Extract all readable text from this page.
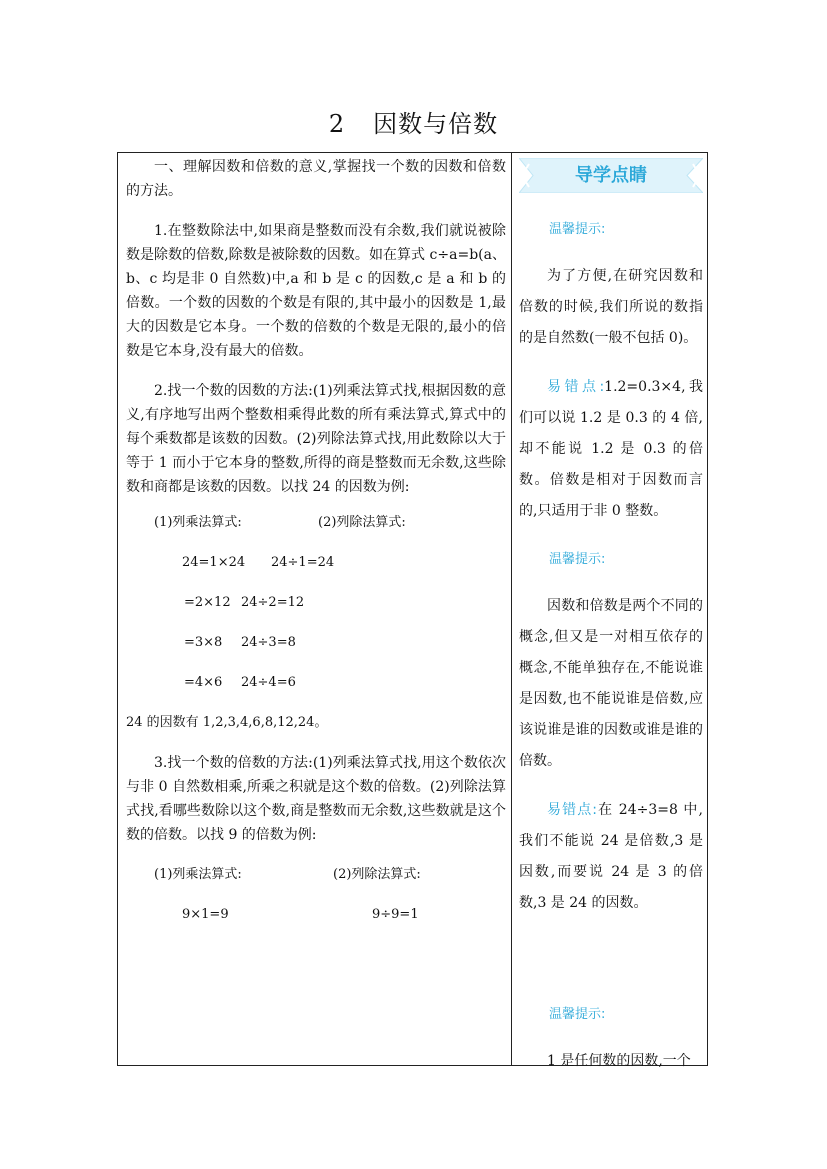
2 因数与倍数

一、理解因数和倍数的意义,掌握找一个数的因数和倍数的方法。

1.在整数除法中,如果商是整数而没有余数,我们就说被除数是除数的倍数,除数是被除数的因数。如在算式 c÷a=b(a、b、c 均是非 0 自然数)中,a 和 b 是 c 的因数,c 是 a 和 b 的倍数。一个数的因数的个数是有限的,其中最小的因数是 1,最大的因数是它本身。一个数的倍数的个数是无限的,最小的倍数是它本身,没有最大的倍数。

2.找一个数的因数的方法:(1)列乘法算式找,根据因数的意义,有序地写出两个整数相乘得此数的所有乘法算式,算式中的每个乘数都是该数的因数。(2)列除法算式找,用此数除以大于等于 1 而小于它本身的整数,所得的商是整数而无余数,这些除数和商都是该数的因数。以找 24 的因数为例:

(1)列乘法算式:	(2)列除法算式:
24=1×24 24÷1=24
=2×12 24÷2=12
=3×8 24÷3=8
=4×6 24÷4=6
24 的因数有 1,2,3,4,6,8,12,24。

3.找一个数的倍数的方法:(1)列乘法算式找,用这个数依次与非 0 自然数相乘,所乘之积就是这个数的倍数。(2)列除法算式找,看哪些数除以这个数,商是整数而无余数,这些数就是这个数的倍数。以找 9 的倍数为例:

(1)列乘法算式:	(2)列除法算式:
9×1=9	9÷9=1
导学点睛
温馨提示:

为了方便,在研究因数和倍数的时候,我们所说的数指的是自然数(一般不包括 0)。

易错点:1.2=0.3×4,我们可以说 1.2 是 0.3 的 4 倍,却不能说 1.2 是 0.3 的倍数。倍数是相对于因数而言的,只适用于非 0 整数。

温馨提示:

因数和倍数是两个不同的概念,但又是一对相互依存的概念,不能单独存在,不能说谁是因数,也不能说谁是倍数,应该说谁是谁的因数或谁是谁的倍数。

易错点:在 24÷3=8 中,我们不能说 24 是倍数,3 是因数,而要说 24 是 3 的倍数,3 是 24 的因数。

温馨提示:

1 是任何数的因数,一个
